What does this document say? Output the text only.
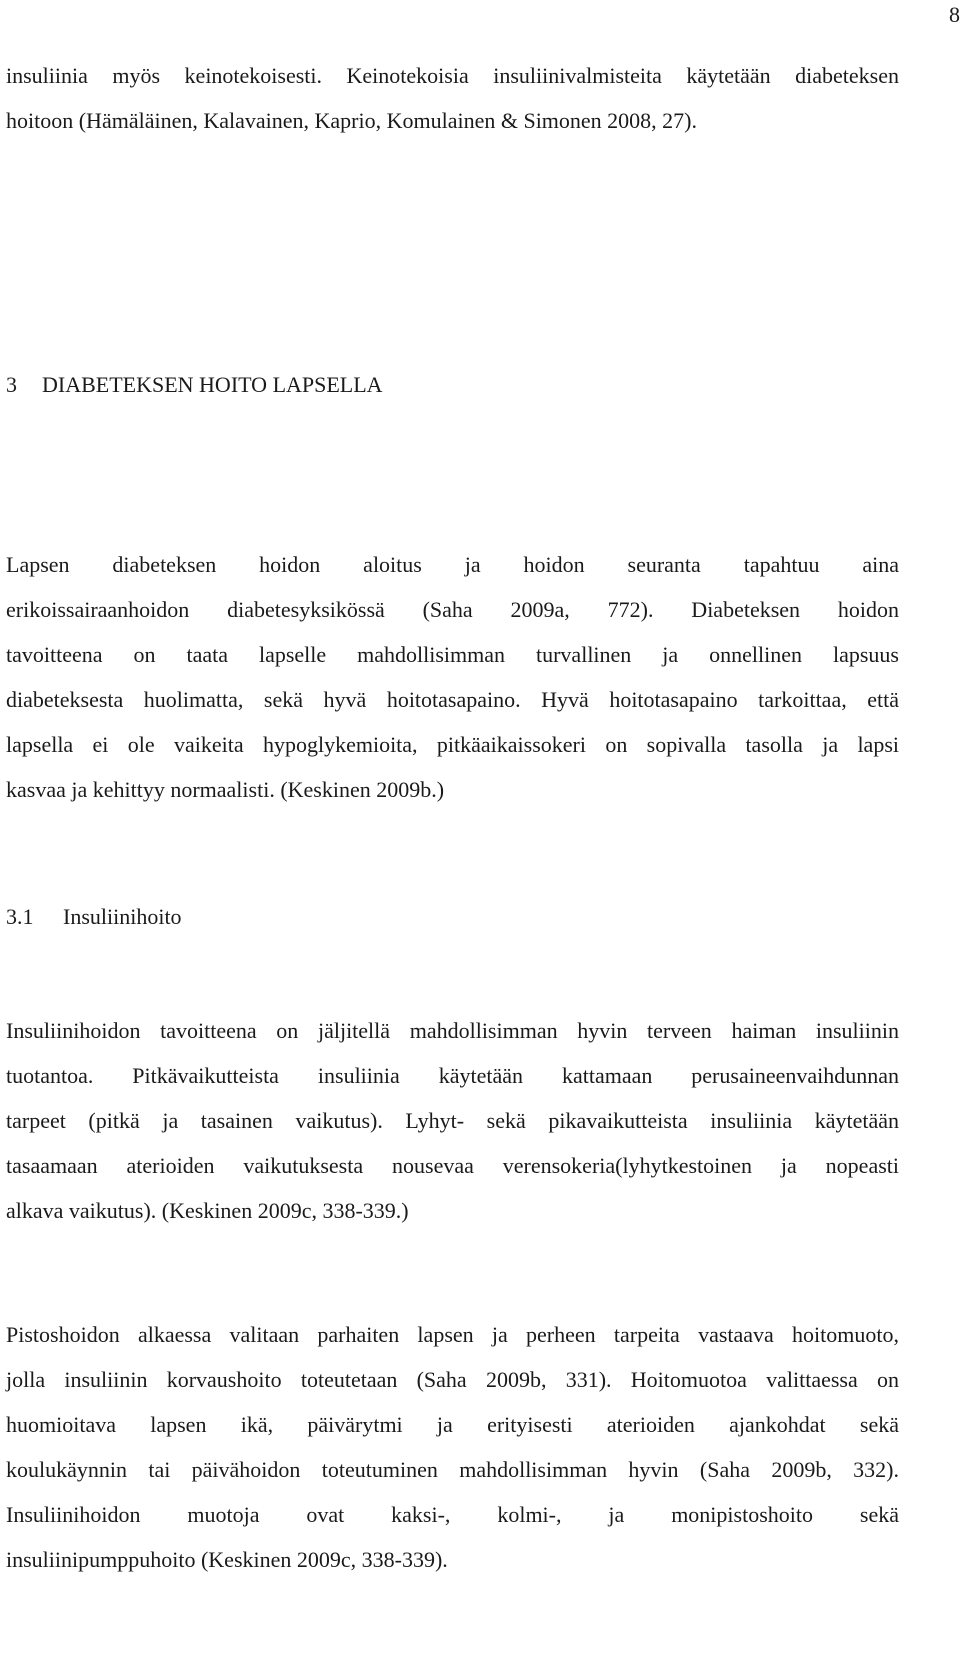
8

insuliinia myös keinotekoisesti. Keinotekoisia insuliinivalmisteita käytetään diabeteksen
hoitoon (Hämäläinen, Kalavainen, Kaprio, Komulainen & Simonen 2008, 27).

3 DIABETEKSEN HOITO LAPSELLA

Lapsen diabeteksen hoidon aloitus ja hoidon seuranta tapahtuu aina
erikoissairaanhoidon diabetesyksikössä (Saha 2009a, 772). Diabeteksen hoidon
tavoitteena on taata lapselle mahdollisimman turvallinen ja onnellinen lapsuus
diabeteksesta huolimatta, sekä hyvä hoitotasapaino. Hyvä hoitotasapaino tarkoittaa, että
lapsella ei ole vaikeita hypoglykemioita, pitkäaikaissokeri on sopivalla tasolla ja lapsi
kasvaa ja kehittyy normaalisti. (Keskinen 2009b.)

3.1 Insuliinihoito

Insuliinihoidon tavoitteena on jäljitellä mahdollisimman hyvin terveen haiman insuliinin
tuotantoa. Pitkävaikutteista insuliinia käytetään kattamaan perusaineenvaihdunnan
tarpeet (pitkä ja tasainen vaikutus). Lyhyt- sekä pikavaikutteista insuliinia käytetään
tasaamaan aterioiden vaikutuksesta nousevaa verensokeria(lyhytkestoinen ja nopeasti
alkava vaikutus). (Keskinen 2009c, 338-339.)

Pistoshoidon alkaessa valitaan parhaiten lapsen ja perheen tarpeita vastaava hoitomuoto,
jolla insuliinin korvaushoito toteutetaan (Saha 2009b, 331). Hoitomuotoa valittaessa on
huomioitava lapsen ikä, päivärytmi ja erityisesti aterioiden ajankohdat sekä
koulukäynnin tai päivähoidon toteutuminen mahdollisimman hyvin (Saha 2009b, 332).
Insuliinihoidon muotoja ovat kaksi-, kolmi-, ja monipistoshoito sekä
insuliinipumppuhoito (Keskinen 2009c, 338-339).
